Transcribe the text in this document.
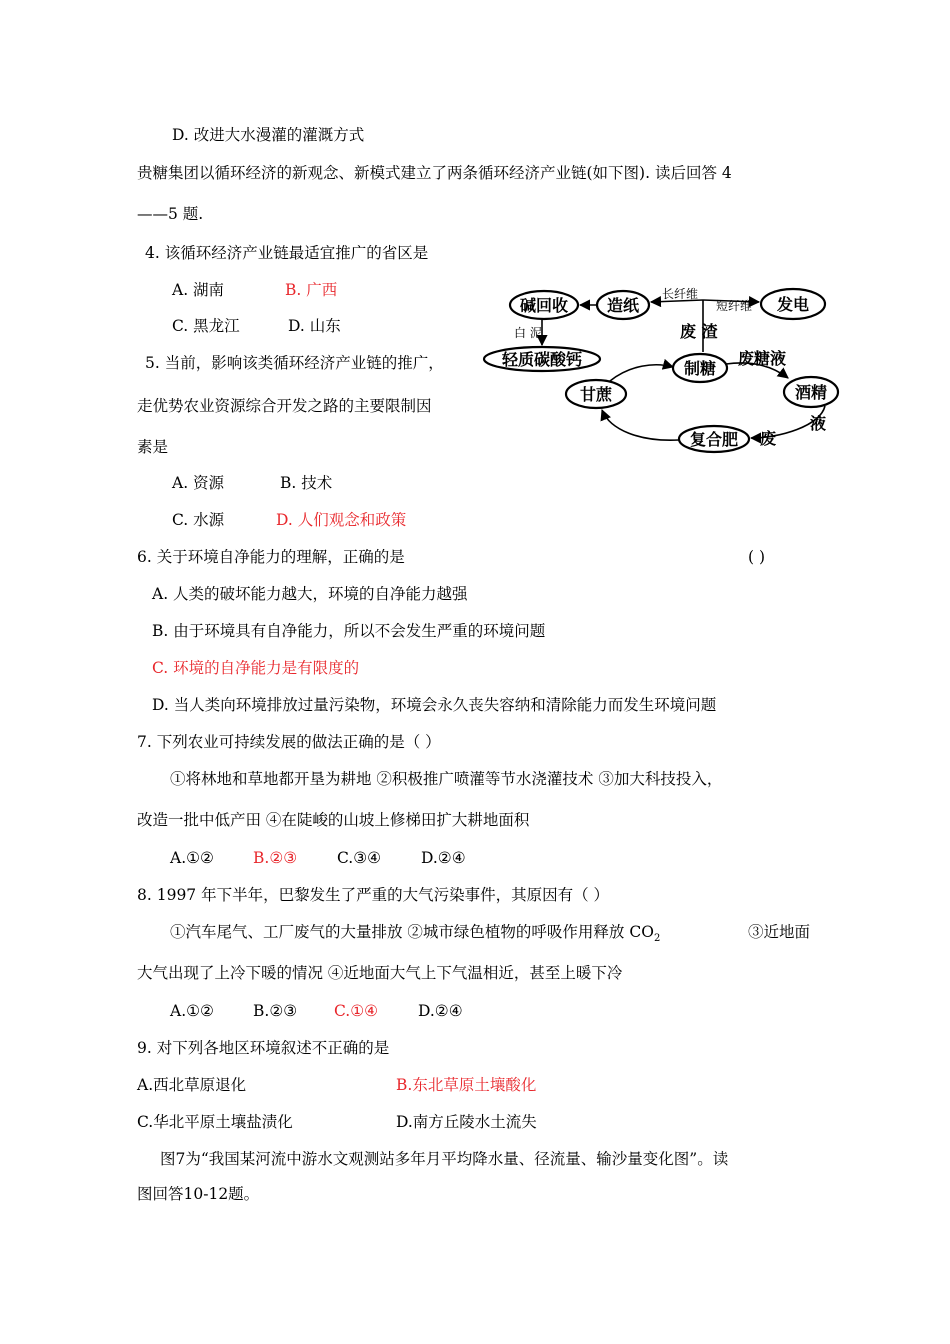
D. 改进大水漫灌的灌溉方式
贵糖集团以循环经济的新观念、新模式建立了两条循环经济产业链(如下图). 读后回答 4
——5 题.
4. 该循环经济产业链最适宜推广的省区是
A. 湖南	B. 广西
C. 黑龙江	D. 山东
5. 当前，影响该类循环经济产业链的推广，
走优势农业资源综合开发之路的主要限制因
素是
A. 资源	B. 技术
C. 水源	D. 人们观念和政策
碱回收 造纸	发电
轻质碳酸钙	制糖
甘蔗	酒精
复合肥
长纤维
短纤维
白 泥	废 渣
废糖液
液
废
6. 关于环境自净能力的理解，正确的是	( )
A. 人类的破坏能力越大，环境的自净能力越强
B. 由于环境具有自净能力，所以不会发生严重的环境问题
C. 环境的自净能力是有限度的
D. 当人类向环境排放过量污染物，环境会永久丧失容纳和清除能力而发生环境问题
7. 下列农业可持续发展的做法正确的是（ ）
①将林地和草地都开垦为耕地 ②积极推广喷灌等节水浇灌技术 ③加大科技投入，
改造一批中低产田 ④在陡峻的山坡上修梯田扩大耕地面积
A.①②	B.②③	C.③④	D.②④
8. 1997 年下半年，巴黎发生了严重的大气污染事件，其原因有（ ）
①汽车尾气、工厂废气的大量排放 ②城市绿色植物的呼吸作用释放 $CO_2$	③近地面
大气出现了上冷下暖的情况 ④近地面大气上下气温相近，甚至上暖下冷
A.①②	B.②③ C.①④	D.②④
9. 对下列各地区环境叙述不正确的是
A.西北草原退化	B.东北草原土壤酸化
C.华北平原土壤盐渍化	D.南方丘陵水土流失
图7为“我国某河流中游水文观测站多年月平均降水量、径流量、输沙量变化图”。读
图回答10-12题。
